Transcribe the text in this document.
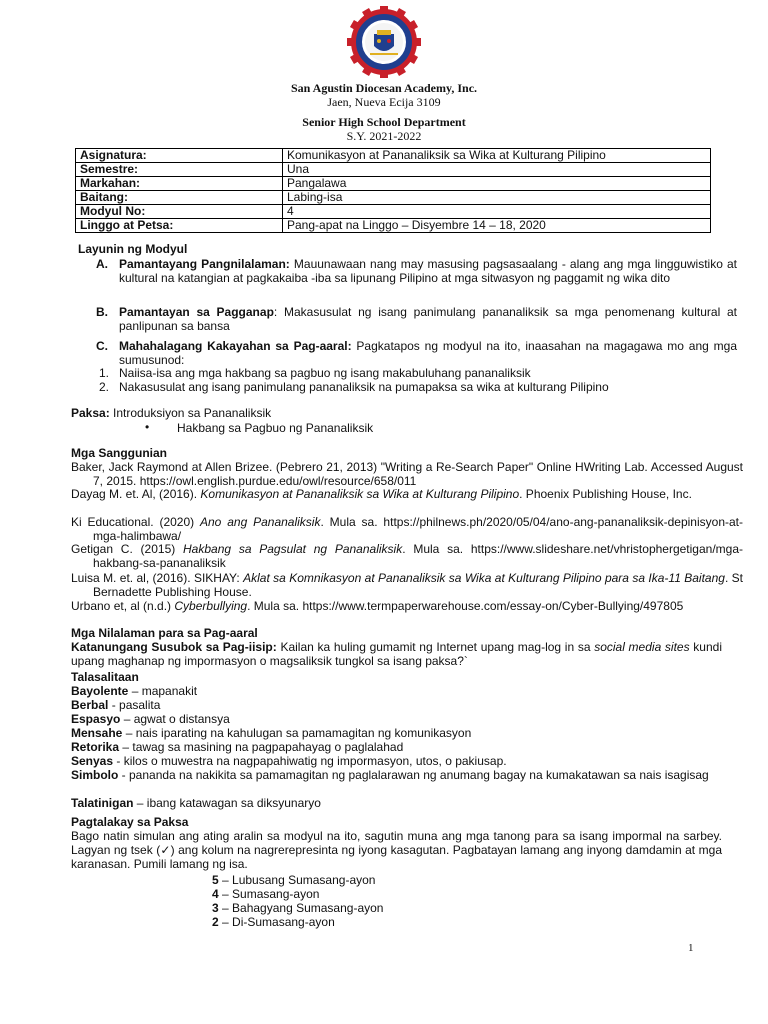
San Agustin Diocesan Academy, Inc.
Jaen, Nueva Ecija 3109
Senior High School Department
S.Y. 2021-2022
Asignatura:	Komunikasyon at Pananaliksik sa Wika at Kulturang Pilipino
Semestre:	Una
Markahan:	Pangalawa
Baitang:	Labing-isa
Modyul No:	4
Linggo at Petsa:	Pang-apat na Linggo – Disyembre 14 – 18, 2020
Layunin ng Modyul
A. Pamantayang Pangnilalaman: Mauunawaan nang may masusing pagsasaalang - alang ang mga lingguwistiko at kultural na katangian at pagkakaiba -iba sa lipunang Pilipino at mga sitwasyon ng paggamit ng wika dito
B. Pamantayan sa Pagganap: Makasusulat ng isang panimulang pananaliksik sa mga penomenang kultural at panlipunan sa bansa
C. Mahahalagang Kakayahan sa Pag-aaral: Pagkatapos ng modyul na ito, inaasahan na magagawa mo ang mga sumusunod:
1. Naiisa-isa ang mga hakbang sa pagbuo ng isang makabuluhang pananaliksik
2. Nakasusulat ang isang panimulang pananaliksik na pumapaksa sa wika at kulturang Pilipino
Paksa: Introduksiyon sa Pananaliksik
• Hakbang sa Pagbuo ng Pananaliksik
Mga Sanggunian
Baker, Jack Raymond at Allen Brizee. (Pebrero 21, 2013) "Writing a Re-Search Paper" Online HWriting Lab. Accessed August 7, 2015. https://owl.english.purdue.edu/owl/resource/658/011
Dayag M. et. Al, (2016). Komunikasyon at Pananaliksik sa Wika at Kulturang Pilipino. Phoenix Publishing House, Inc.
Ki Educational. (2020) Ano ang Pananaliksik. Mula sa. https://philnews.ph/2020/05/04/ano-ang-pananaliksik-depinisyon-at-mga-halimbawa/
Getigan C. (2015) Hakbang sa Pagsulat ng Pananaliksik. Mula sa. https://www.slideshare.net/vhristophergetigan/mga-hakbang-sa-pananaliksik
Luisa M. et. al, (2016). SIKHAY: Aklat sa Komnikasyon at Pananaliksik sa Wika at Kulturang Pilipino para sa Ika-11 Baitang. St Bernadette Publishing House.
Urbano et, al (n.d.) Cyberbullying. Mula sa. https://www.termpaperwarehouse.com/essay-on/Cyber-Bullying/497805
Mga Nilalaman para sa Pag-aaral
Katanungang Susubok sa Pag-iisip: Kailan ka huling gumamit ng Internet upang mag-log in sa social media sites kundi upang maghanap ng impormasyon o magsaliksik tungkol sa isang paksa?`
Talasalitaan
Bayolente – mapanakit
Berbal - pasalita
Espasyo – agwat o distansya
Mensahe – nais iparating na kahulugan sa pamamagitan ng komunikasyon
Retorika – tawag sa masining na pagpapahayag o paglalahad
Senyas - kilos o muwestra na nagpapahiwatig ng impormasyon, utos, o pakiusap.
Simbolo - pananda na nakikita sa pamamagitan ng paglalarawan ng anumang bagay na kumakatawan sa nais isagisag
Talatinigan – ibang katawagan sa diksyunaryo
Pagtalakay sa Paksa
Bago natin simulan ang ating aralin sa modyul na ito, sagutin muna ang mga tanong para sa isang impormal na sarbey. Lagyan ng tsek (✓) ang kolum na nagrerepresinta ng iyong kasagutan. Pagbatayan lamang ang inyong damdamin at mga karanasan. Pumili lamang ng isa.
5 – Lubusang Sumasang-ayon
4 – Sumasang-ayon
3 – Bahagyang Sumasang-ayon
2 – Di-Sumasang-ayon
1
